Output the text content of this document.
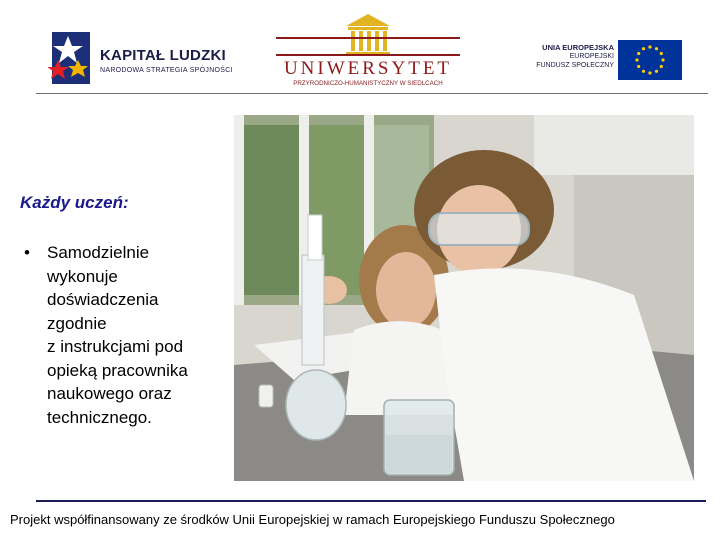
KAPITAŁ LUDZKI
NARODOWA STRATEGIA SPÓJNOŚCI	UNIWERSYTET
PRZYRODNICZO-HUMANISTYCZNY W SIEDLCACH
UNIA EUROPEJSKA
EUROPEJSKI
FUNDUSZ SPOŁECZNY
Każdy uczeń:
• Samodzielnie
wykonuje
doświadczenia
zgodnie
z instrukcjami pod
opieką pracownika
naukowego oraz
technicznego.
Projekt współfinansowany ze środków Unii Europejskiej w ramach Europejskiego Funduszu Społecznego
